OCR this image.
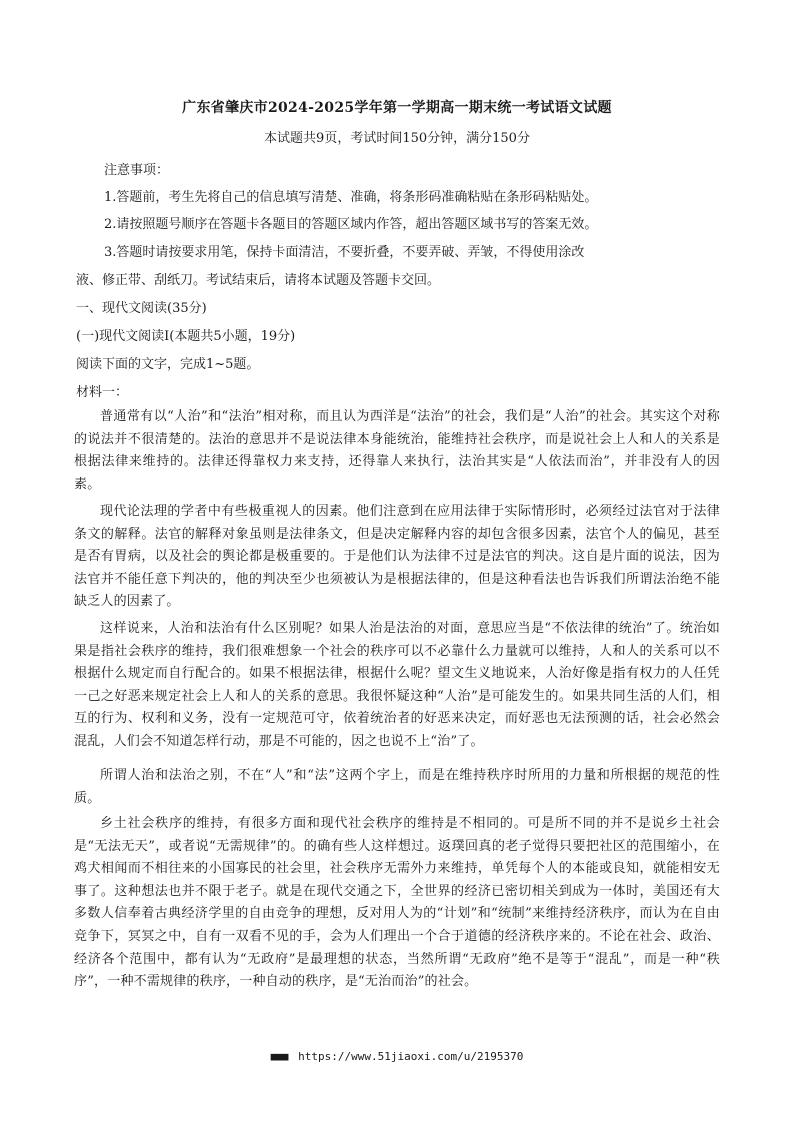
广东省肇庆市2024-2025学年第一学期高一期末统一考试语文试题
本试题共9页，考试时间150分钟，满分150分
注意事项：
1.答题前，考生先将自己的信息填写清楚、准确，将条形码准确粘贴在条形码粘贴处。
2.请按照题号顺序在答题卡各题目的答题区域内作答，超出答题区域书写的答案无效。
3.答题时请按要求用笔，保持卡面清洁，不要折叠，不要弄破、弄皱，不得使用涂改
液、修正带、刮纸刀。考试结束后，请将本试题及答题卡交回。
一、现代文阅读(35分)
(一)现代文阅读Ⅰ(本题共5小题，19分)
阅读下面的文字，完成1~5题。
材料一：

普通常有以“人治”和“法治”相对称，而且认为西洋是“法治”的社会，我们是“人治”的社会。其实这个对称的说法并不很清楚的。法治的意思并不是说法律本身能统治，能维持社会秩序，而是说社会上人和人的关系是根据法律来维持的。法律还得靠权力来支持，还得靠人来执行，法治其实是“人依法而治”，并非没有人的因素。

现代论法理的学者中有些极重视人的因素。他们注意到在应用法律于实际情形时，必须经过法官对于法律条文的解释。法官的解释对象虽则是法律条文，但是决定解释内容的却包含很多因素，法官个人的偏见，甚至是否有胃病，以及社会的舆论都是极重要的。于是他们认为法律不过是法官的判决。这自是片面的说法，因为法官并不能任意下判决的，他的判决至少也须被认为是根据法律的，但是这种看法也告诉我们所谓法治绝不能缺乏人的因素了。

这样说来，人治和法治有什么区别呢？如果人治是法治的对面，意思应当是“不依法律的统治”了。统治如果是指社会秩序的维持，我们很难想象一个社会的秩序可以不必靠什么力量就可以维持，人和人的关系可以不根据什么规定而自行配合的。如果不根据法律，根据什么呢？望文生义地说来，人治好像是指有权力的人任凭一己之好恶来规定社会上人和人的关系的意思。我很怀疑这种“人治”是可能发生的。如果共同生活的人们，相互的行为、权利和义务，没有一定规范可守，依着统治者的好恶来决定，而好恶也无法预测的话，社会必然会混乱，人们会不知道怎样行动，那是不可能的，因之也说不上“治”了。

所谓人治和法治之别，不在“人”和“法”这两个字上，而是在维持秩序时所用的力量和所根据的规范的性质。

乡土社会秩序的维持，有很多方面和现代社会秩序的维持是不相同的。可是所不同的并不是说乡土社会是“无法无天”，或者说“无需规律”的。的确有些人这样想过。返璞回真的老子觉得只要把社区的范围缩小，在鸡犬相闻而不相往来的小国寡民的社会里，社会秩序无需外力来维持，单凭每个人的本能或良知，就能相安无事了。这种想法也并不限于老子。就是在现代交通之下，全世界的经济已密切相关到成为一体时，美国还有大多数人信奉着古典经济学里的自由竞争的理想，反对用人为的“计划”和“统制”来维持经济秩序，而认为在自由竞争下，冥冥之中，自有一双看不见的手，会为人们理出一个合于道德的经济秩序来的。不论在社会、政治、经济各个范围中，都有认为“无政府”是最理想的状态，当然所谓“无政府”绝不是等于“混乱”，而是一种“秩序”，一种不需规律的秩序，一种自动的秩序，是“无治而治”的社会。

■■■ https://www.51jiaoxi.com/u/2195370
